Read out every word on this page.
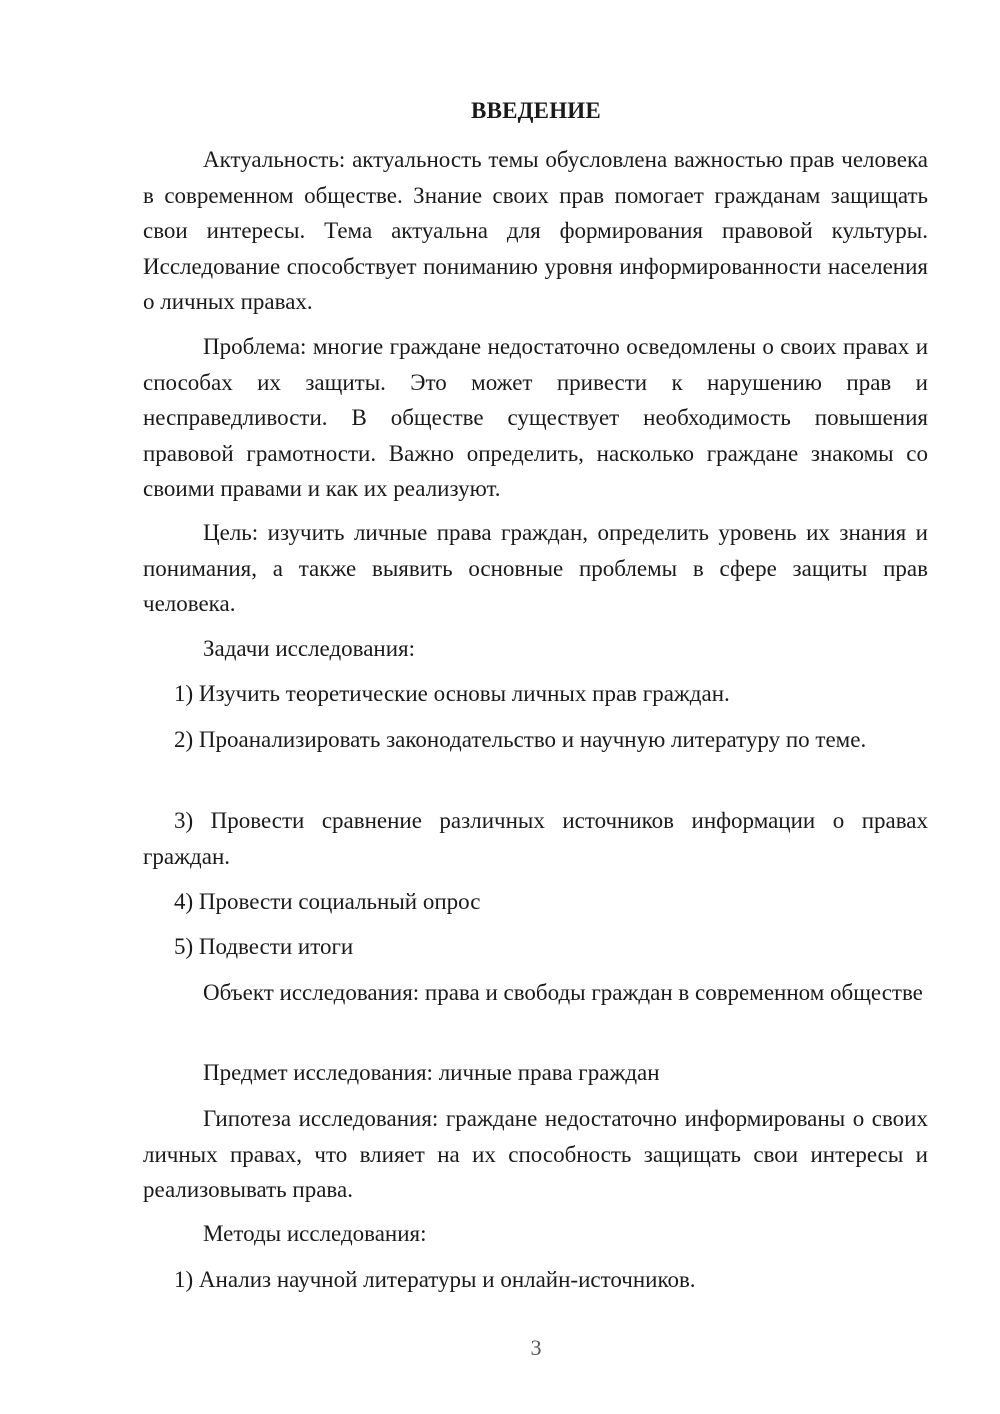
ВВЕДЕНИЕ

Актуальность: актуальность темы обусловлена важностью прав человека в современном обществе. Знание своих прав помогает гражданам защищать свои интересы. Тема актуальна для формирования правовой культуры. Исследование способствует пониманию уровня информированности населения о личных правах.

Проблема: многие граждане недостаточно осведомлены о своих правах и способах их защиты. Это может привести к нарушению прав и несправедливости. В обществе существует необходимость повышения правовой грамотности. Важно определить, насколько граждане знакомы со своими правами и как их реализуют.

Цель: изучить личные права граждан, определить уровень их знания и понимания, а также выявить основные проблемы в сфере защиты прав человека.

Задачи исследования:

1) Изучить теоретические основы личных прав граждан.

2) Проанализировать законодательство и научную литературу по теме.

3) Провести сравнение различных источников информации о правах граждан.

4) Провести социальный опрос

5) Подвести итоги

Объект исследования: права и свободы граждан в современном обществе

Предмет исследования: личные права граждан

Гипотеза исследования: граждане недостаточно информированы о своих личных правах, что влияет на их способность защищать свои интересы и реализовывать права.

Методы исследования:

1) Анализ научной литературы и онлайн-источников.

3
